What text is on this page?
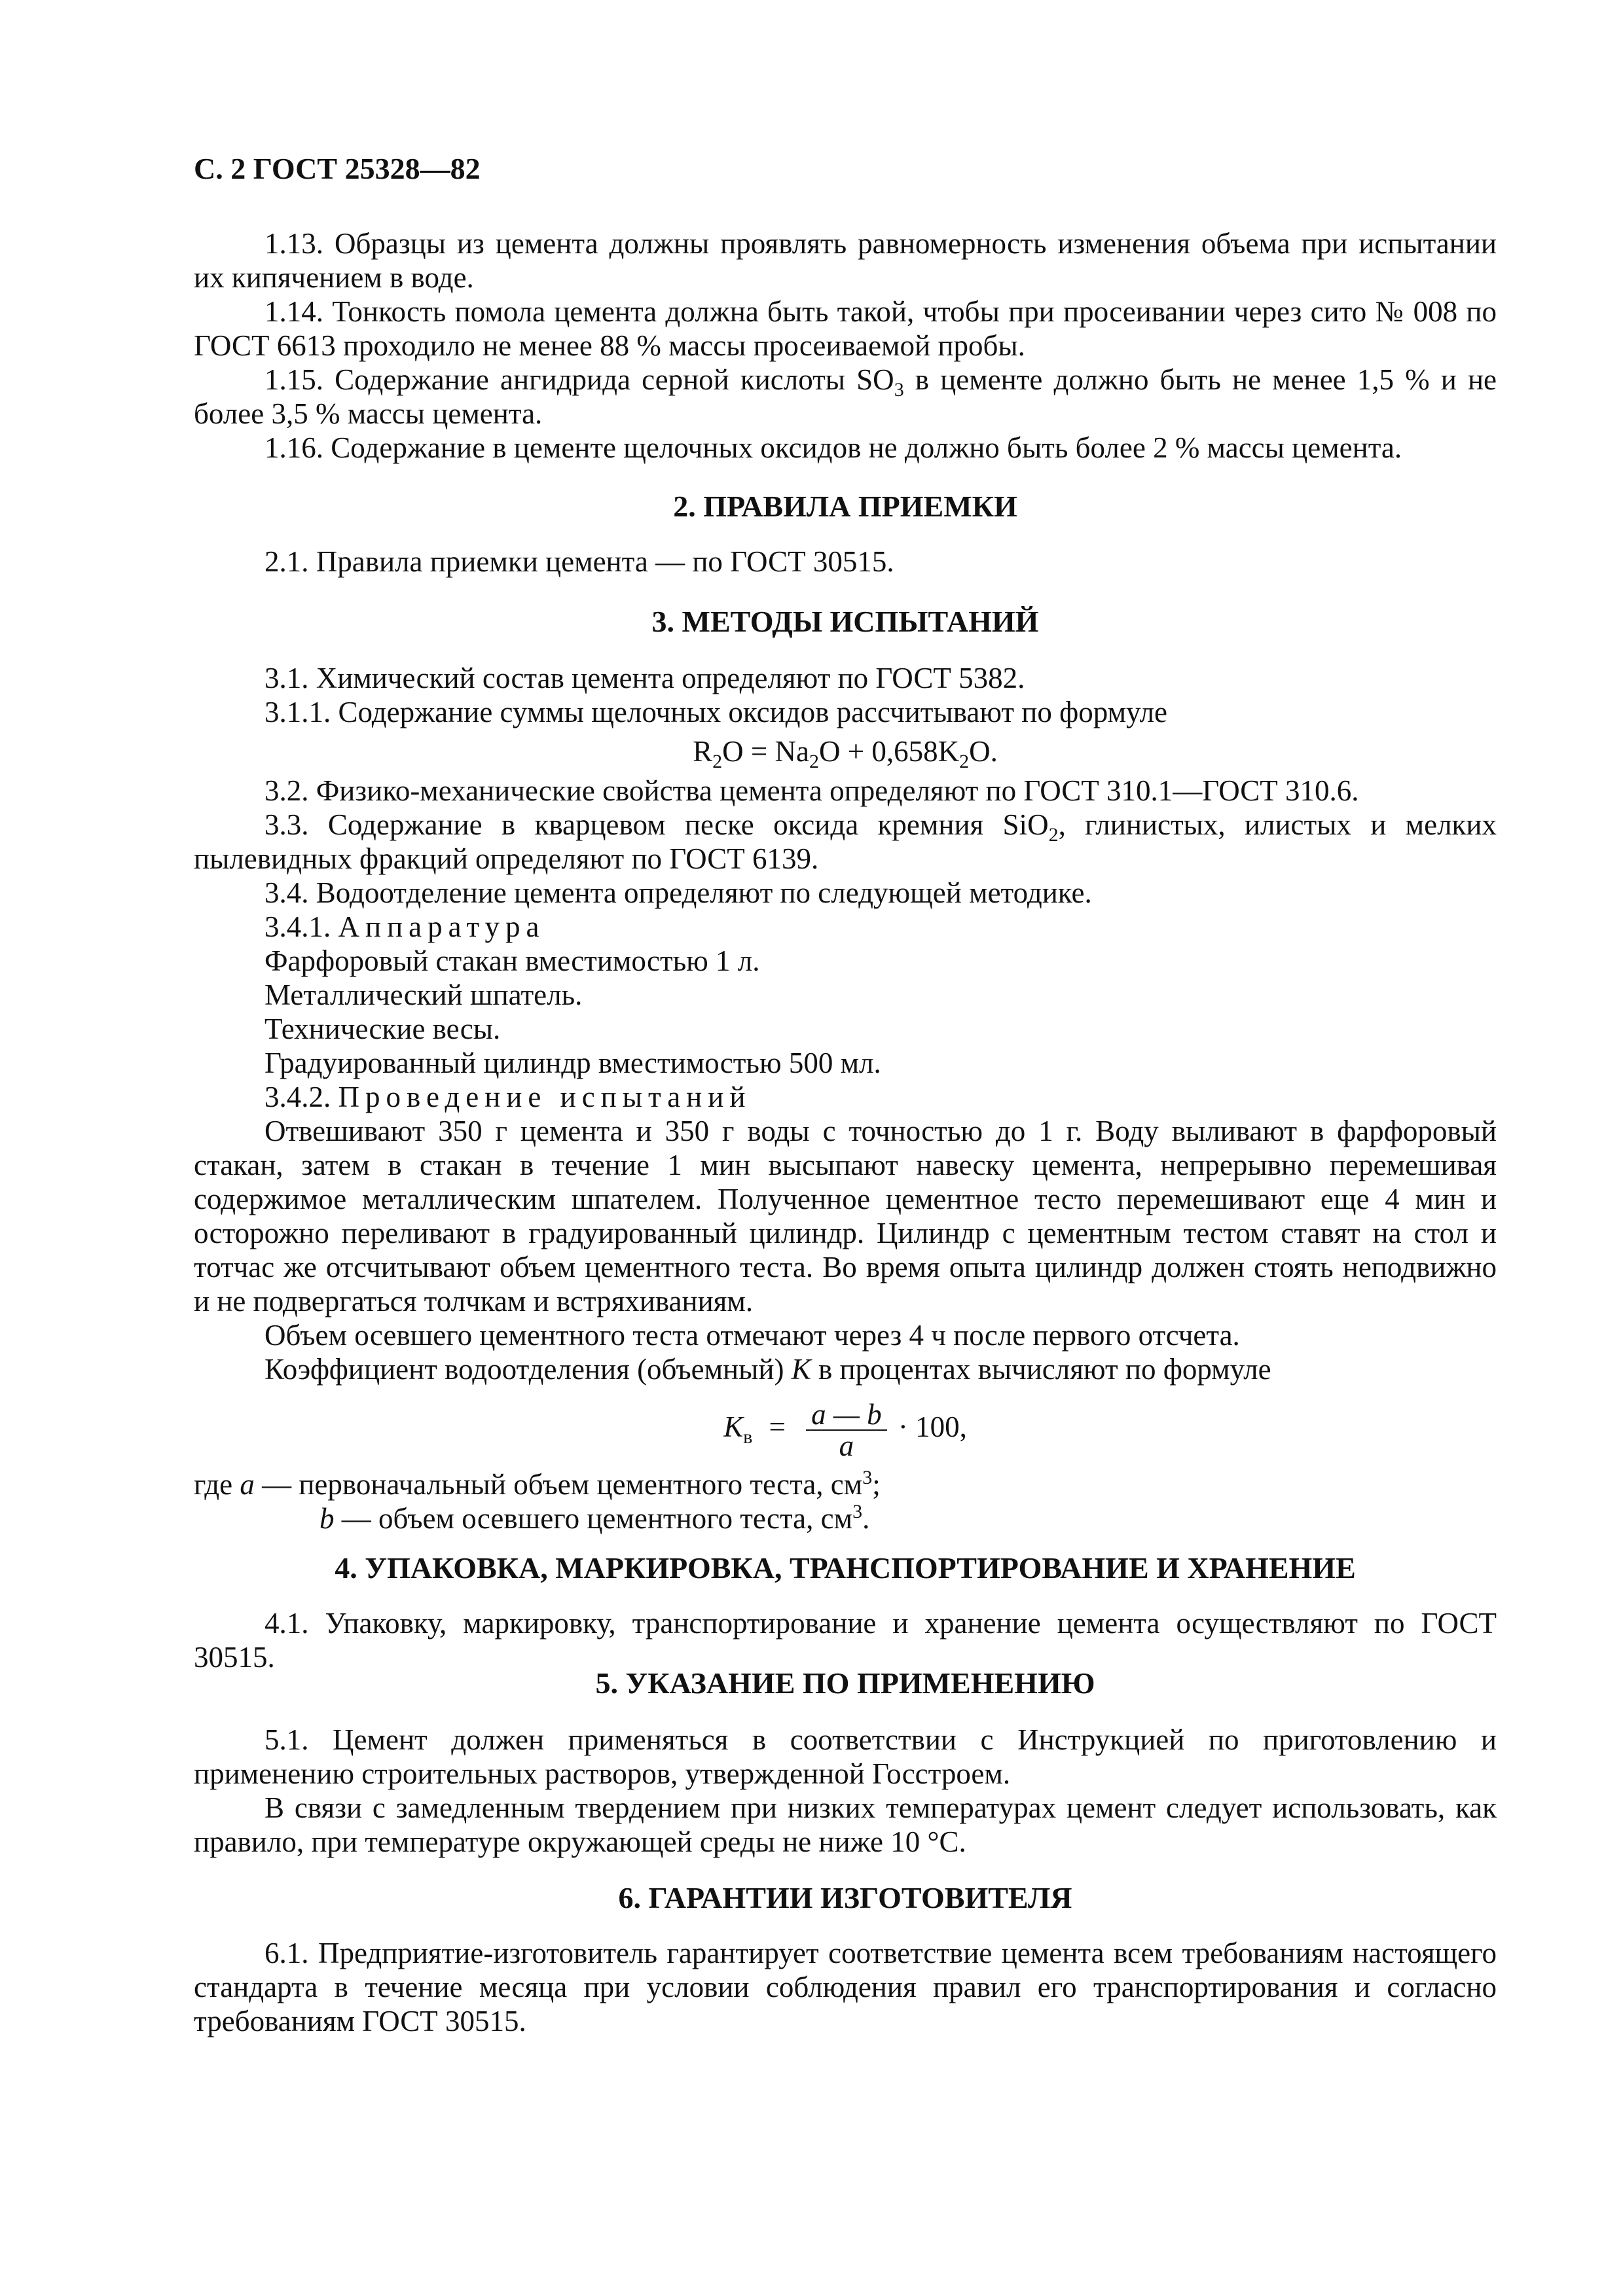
С. 2 ГОСТ 25328—82

1.13. Образцы из цемента должны проявлять равномерность изменения объема при испытании их кипячением в воде.

1.14. Тонкость помола цемента должна быть такой, чтобы при просеивании через сито № 008 по ГОСТ 6613 проходило не менее 88 % массы просеиваемой пробы.

1.15. Содержание ангидрида серной кислоты $SO_3$ в цементе должно быть не менее 1,5 % и не более 3,5 % массы цемента.

1.16. Содержание в цементе щелочных оксидов не должно быть более 2 % массы цемента.

2. ПРАВИЛА ПРИЕМКИ

2.1. Правила приемки цемента — по ГОСТ 30515.

3. МЕТОДЫ ИСПЫТАНИЙ

3.1. Химический состав цемента определяют по ГОСТ 5382.

3.1.1. Содержание суммы щелочных оксидов рассчитывают по формуле

$R_2O = Na_2O + 0,658K_2O$.

3.2. Физико-механические свойства цемента определяют по ГОСТ 310.1—ГОСТ 310.6.

3.3. Содержание в кварцевом песке оксида кремния SiO$_2$, глинистых, илистых и мелких пылевидных фракций определяют по ГОСТ 6139.

3.4. Водоотделение цемента определяют по следующей методике.

3.4.1. Аппаратура

Фарфоровый стакан вместимостью 1 л.

Металлический шпатель.

Технические весы.

Градуированный цилиндр вместимостью 500 мл.

3.4.2. Проведение испытаний

Отвешивают 350 г цемента и 350 г воды с точностью до 1 г. Воду выливают в фарфоровый стакан, затем в стакан в течение 1 мин высыпают навеску цемента, непрерывно перемешивая содержимое металлическим шпателем. Полученное цементное тесто перемешивают еще 4 мин и осторожно переливают в градуированный цилиндр. Цилиндр с цементным тестом ставят на стол и тотчас же отсчитывают объем цементного теста. Во время опыта цилиндр должен стоять неподвижно и не подвергаться толчкам и встряхиваниям.

Объем осевшего цементного теста отмечают через 4 ч после первого отсчета.

Коэффициент водоотделения (объемный) K в процентах вычисляют по формуле

$K_в = \frac{a — b}{a} \cdot 100$,

где a — первоначальный объем цементного теста, $см^3$;

b — объем осевшего цементного теста, $см^3$.

4. УПАКОВКА, МАРКИРОВКА, ТРАНСПОРТИРОВАНИЕ И ХРАНЕНИЕ

4.1. Упаковку, маркировку, транспортирование и хранение цемента осуществляют по ГОСТ 30515.

5. УКАЗАНИЕ ПО ПРИМЕНЕНИЮ

5.1. Цемент должен применяться в соответствии с Инструкцией по приготовлению и применению строительных растворов, утвержденной Госстроем.

В связи с замедленным твердением при низких температурах цемент следует использовать, как правило, при температуре окружающей среды не ниже 10 °С.

6. ГАРАНТИИ ИЗГОТОВИТЕЛЯ

6.1. Предприятие-изготовитель гарантирует соответствие цемента всем требованиям настоящего стандарта в течение месяца при условии соблюдения правил его транспортирования и согласно требованиям ГОСТ 30515.
